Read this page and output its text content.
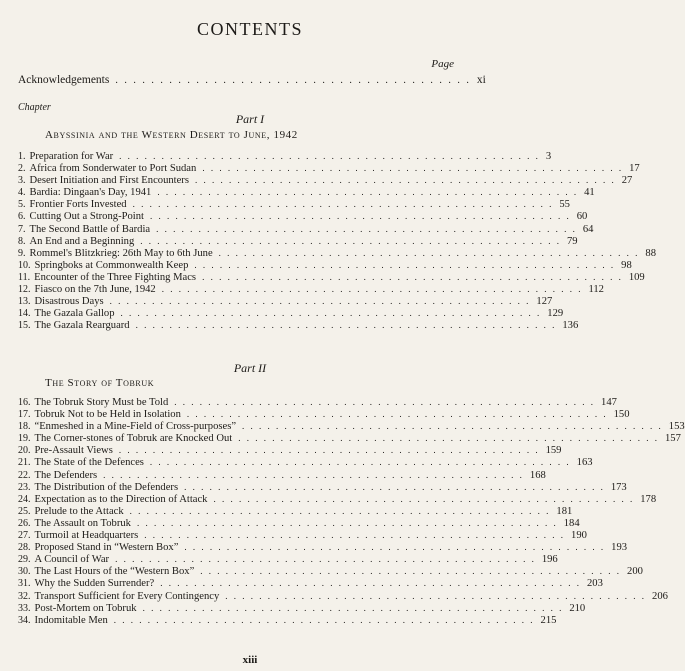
CONTENTS
Page
Acknowledgements . . . . . . . . . . . . . . . . . . . . . . . . . . . . . . . . . . . . . . . . xi
Chapter
Part I
Abyssinia and the Western Desert to June, 1942
1. Preparation for War . . . . . . . . . . . . . . . . . . . . . . . . . . . . . . . . . . . . . . . . . . . . . . . . . . 3
2. Africa from Sonderwater to Port Sudan . . . . . . . . . . . . . . . . . . . . . . . . . . . . . . . . . . . . . . . . . . . . . . . . . . 17
3. Desert Initiation and First Encounters . . . . . . . . . . . . . . . . . . . . . . . . . . . . . . . . . . . . . . . . . . . . . . . . . . 27
4. Bardia: Dingaan's Day, 1941 . . . . . . . . . . . . . . . . . . . . . . . . . . . . . . . . . . . . . . . . . . . . . . . . . . 41
5. Frontier Forts Invested . . . . . . . . . . . . . . . . . . . . . . . . . . . . . . . . . . . . . . . . . . . . . . . . . . 55
6. Cutting Out a Strong-Point . . . . . . . . . . . . . . . . . . . . . . . . . . . . . . . . . . . . . . . . . . . . . . . . . . 60
7. The Second Battle of Bardia . . . . . . . . . . . . . . . . . . . . . . . . . . . . . . . . . . . . . . . . . . . . . . . . . . 64
8. An End and a Beginning . . . . . . . . . . . . . . . . . . . . . . . . . . . . . . . . . . . . . . . . . . . . . . . . . . 79
9. Rommel's Blitzkrieg: 26th May to 6th June . . . . . . . . . . . . . . . . . . . . . . . . . . . . . . . . . . . . . . . . . . . . . . . . . . 88
10. Springboks at Commonwealth Keep . . . . . . . . . . . . . . . . . . . . . . . . . . . . . . . . . . . . . . . . . . . . . . . . . . 98
11. Encounter of the Three Fighting Macs . . . . . . . . . . . . . . . . . . . . . . . . . . . . . . . . . . . . . . . . . . . . . . . . . . 109
12. Fiasco on the 7th June, 1942 . . . . . . . . . . . . . . . . . . . . . . . . . . . . . . . . . . . . . . . . . . . . . . . . . . 112
13. Disastrous Days . . . . . . . . . . . . . . . . . . . . . . . . . . . . . . . . . . . . . . . . . . . . . . . . . . 127
14. The Gazala Gallop . . . . . . . . . . . . . . . . . . . . . . . . . . . . . . . . . . . . . . . . . . . . . . . . . . 129
15. The Gazala Rearguard . . . . . . . . . . . . . . . . . . . . . . . . . . . . . . . . . . . . . . . . . . . . . . . . . . 136
Part II
The Story of Tobruk
16. The Tobruk Story Must be Told . . . . . . . . . . . . . . . . . . . . . . . . . . . . . . . . . . . . . . . . . . . . . . . . . . 147
17. Tobruk Not to be Held in Isolation . . . . . . . . . . . . . . . . . . . . . . . . . . . . . . . . . . . . . . . . . . . . . . . . . . 150
18. “Enmeshed in a Mine-Field of Cross-purposes” . . . . . . . . . . . . . . . . . . . . . . . . . . . . . . . . . . . . . . . . . . . . . . . . . . 153
19. The Corner-stones of Tobruk are Knocked Out . . . . . . . . . . . . . . . . . . . . . . . . . . . . . . . . . . . . . . . . . . . . . . . . . . 157
20. Pre-Assault Views . . . . . . . . . . . . . . . . . . . . . . . . . . . . . . . . . . . . . . . . . . . . . . . . . . 159
21. The State of the Defences . . . . . . . . . . . . . . . . . . . . . . . . . . . . . . . . . . . . . . . . . . . . . . . . . . 163
22. The Defenders . . . . . . . . . . . . . . . . . . . . . . . . . . . . . . . . . . . . . . . . . . . . . . . . . . 168
23. The Distribution of the Defenders . . . . . . . . . . . . . . . . . . . . . . . . . . . . . . . . . . . . . . . . . . . . . . . . . . 173
24. Expectation as to the Direction of Attack . . . . . . . . . . . . . . . . . . . . . . . . . . . . . . . . . . . . . . . . . . . . . . . . . . 178
25. Prelude to the Attack . . . . . . . . . . . . . . . . . . . . . . . . . . . . . . . . . . . . . . . . . . . . . . . . . . 181
26. The Assault on Tobruk . . . . . . . . . . . . . . . . . . . . . . . . . . . . . . . . . . . . . . . . . . . . . . . . . . 184
27. Turmoil at Headquarters . . . . . . . . . . . . . . . . . . . . . . . . . . . . . . . . . . . . . . . . . . . . . . . . . . 190
28. Proposed Stand in “Western Box” . . . . . . . . . . . . . . . . . . . . . . . . . . . . . . . . . . . . . . . . . . . . . . . . . . 193
29. A Council of War . . . . . . . . . . . . . . . . . . . . . . . . . . . . . . . . . . . . . . . . . . . . . . . . . . 196
30. The Last Hours of the “Western Box” . . . . . . . . . . . . . . . . . . . . . . . . . . . . . . . . . . . . . . . . . . . . . . . . . . 200
31. Why the Sudden Surrender? . . . . . . . . . . . . . . . . . . . . . . . . . . . . . . . . . . . . . . . . . . . . . . . . . . 203
32. Transport Sufficient for Every Contingency . . . . . . . . . . . . . . . . . . . . . . . . . . . . . . . . . . . . . . . . . . . . . . . . . . 206
33. Post-Mortem on Tobruk . . . . . . . . . . . . . . . . . . . . . . . . . . . . . . . . . . . . . . . . . . . . . . . . . . 210
34. Indomitable Men . . . . . . . . . . . . . . . . . . . . . . . . . . . . . . . . . . . . . . . . . . . . . . . . . . 215
xiii
